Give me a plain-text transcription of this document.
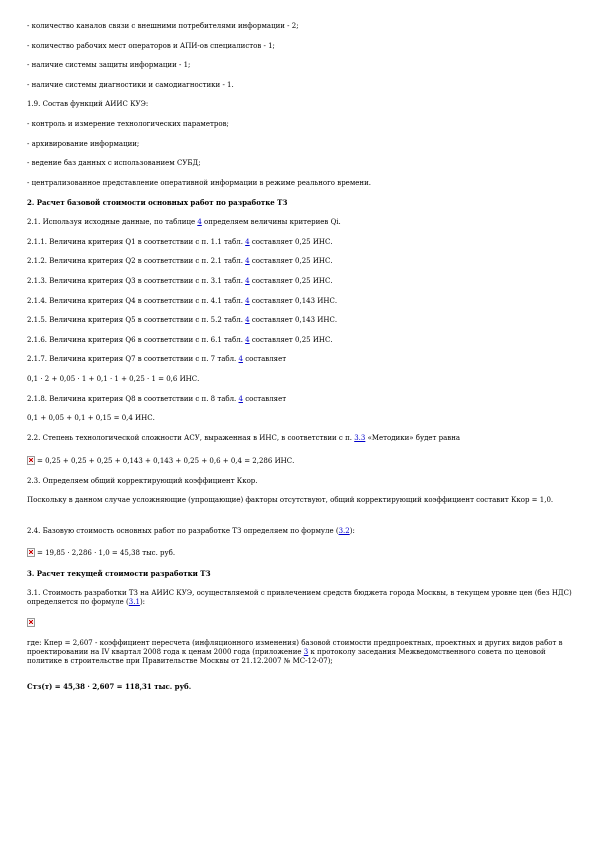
- количество каналов связи с внешними потребителями информации - 2;
- количество рабочих мест операторов и АПИ-ов специалистов - 1;
- наличие системы защиты информации - 1;
- наличие системы диагностики и самодиагностики - 1.
1.9. Состав функций АИИС КУЭ:
- контроль и измерение технологических параметров;
- архивирование информации;
- ведение баз данных с использованием СУБД;
- централизованное представление оперативной информации в режиме реального времени.
2. Расчет базовой стоимости основных работ по разработке ТЗ
2.1. Используя исходные данные, по таблице 4 определяем величины критериев Qi.
2.1.1. Величина критерия Q1 в соответствии с п. 1.1 табл. 4 составляет 0,25 ИНС.
2.1.2. Величина критерия Q2 в соответствии с п. 2.1 табл. 4 составляет 0,25 ИНС.
2.1.3. Величина критерия Q3 в соответствии с п. 3.1 табл. 4 составляет 0,25 ИНС.
2.1.4. Величина критерия Q4 в соответствии с п. 4.1 табл. 4 составляет 0,143 ИНС.
2.1.5. Величина критерия Q5 в соответствии с п. 5.2 табл. 4 составляет 0,143 ИНС.
2.1.6. Величина критерия Q6 в соответствии с п. 6.1 табл. 4 составляет 0,25 ИНС.
2.1.7. Величина критерия Q7 в соответствии с п. 7 табл. 4 составляет
0,1 · 2 + 0,05 · 1 + 0,1 · 1 + 0,25 · 1 = 0,6 ИНС.
2.1.8. Величина критерия Q8 в соответствии с п. 8 табл. 4 составляет
0,1 + 0,05 + 0,1 + 0,15 = 0,4 ИНС.
2.2. Степень технологической сложности АСУ, выраженная в ИНС, в соответствии с п. 3.3 «Методики» будет равна
= 0,25 + 0,25 + 0,25 + 0,143 + 0,143 + 0,25 + 0,6 + 0,4 = 2,286 ИНС.
2.3. Определяем общий корректирующий коэффициент Ккор.
Поскольку в данном случае усложняющие (упрощающие) факторы отсутствуют, общий корректирующий коэффициент составит Ккор = 1,0.
2.4. Базовую стоимость основных работ по разработке ТЗ определяем по формуле (3.2):
= 19,85 · 2,286 · 1,0 = 45,38 тыс. руб.
3. Расчет текущей стоимости разработки ТЗ
3.1. Стоимость разработки ТЗ на АИИС КУЭ, осуществляемой с привлечением средств бюджета города Москвы, в текущем уровне цен (без НДС) определяется по формуле (3.1):
где: Кпер = 2,607 - коэффициент пересчета (инфляционного изменения) базовой стоимости предпроектных, проектных и других видов работ в проектировании на IV квартал 2008 года к ценам 2000 года (приложение 3 к протоколу заседания Межведомственного совета по ценовой политике в строительстве при Правительстве Москвы от 21.12.2007 № МС-12-07);
Стз(т) = 45,38 · 2,607 = 118,31 тыс. руб.
